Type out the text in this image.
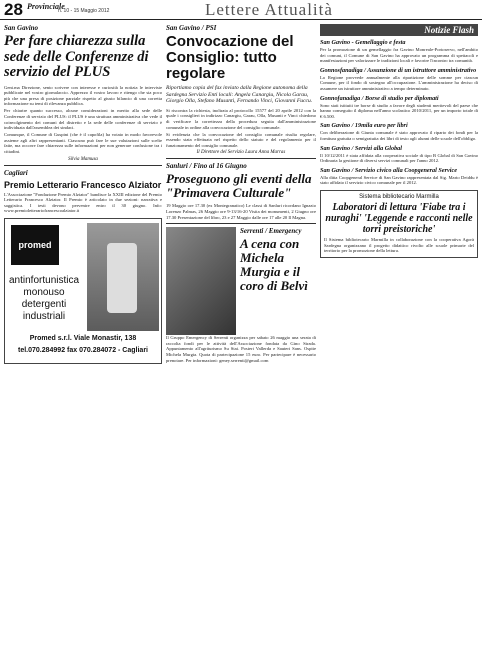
28 Provinciale
n. 10 - 15 Maggio 2012	Lettere Attualità
San Gavino
Per fare chiarezza sulla sede delle Conferenze di servizio del PLUS

Gent.ma Direzione, sento scrivere con interesse e curiosità la notizia le interviste pubblicate nel vostro giornalaccio. Apprezzo il vostro lavoro e ritengo che sia poco più che una presa di posizione parziale rispetto al giusto bilancio di una corretta informazione su temi di rilevanza pubblica.

Per chiarire quanto successo, alcune considerazioni in merito alla sede delle Conferenze di servizio del PLUS: il PLUS è una struttura amministrativa che vede il coinvolgimento dei comuni del distretto e la sede delle conferenze di servizio è individuata dall'assemblea dei sindaci.

Comunque, il Comune di Guspini (che è il capofila) ha votato in modo favorevole assieme agli altri rappresentanti. Ciascuno può fare le sue valutazioni sulle scelte fatte, ma occorre fare chiarezza sulle informazioni per non generare confusione tra i cittadini.

Silvia Mamusa
Cagliari
Premio Letterario Francesco Alziator
L'Associazione "Fondazione Premio Alziator" bandisce la XXIII edizione del Premio Letterario Francesco Alziator. Il Premio è articolato in due sezioni: narrativa e saggistica. I testi devono pervenire entro il 30 giugno. Info: www.premioletterariofrancescoalziator.it
promed
antinfortunistica monouso detergenti industriali
Promed s.r.l. Viale Monastir, 138
tel.070.284992 fax 070.284072 - Cagliari
San Gavino / PSI
Convocazione del Consiglio: tutto regolare
Riportiamo copia del fax inviato dalla Regione autonoma della Sardegna Servizio Enti locali: Angela Canargiu, Nicola Garau, Giorgio Olla, Stefano Musanti, Fernando Vinci, Giovanni Fuccu.

Si riscontra la richiesta, inoltrata al protocollo 15577 del 20 aprile 2012 con la quale i consiglieri in indirizzo Canargiu, Garau, Olla, Musanti e Vinci chiedono di verificare la correttezza della procedura seguita dall'amministrazione comunale in ordine alla convocazione del consiglio comunale.

Si evidenzia che la convocazione del consiglio comunale risulta regolare, essendo stata effettuata nel rispetto dello statuto e del regolamento per il funzionamento del consiglio comunale.

Il Direttore del Servizio Laura Anna Marras
Sanluri / Fino al 16 Giugno
Proseguono gli eventi della "Primavera Culturale"
19 Maggio ore 17.30 (ex Montegranatico) Le classi di Sanluri ricordano Ignazio Lorenzo Palmas, 26 Maggio ore 9-13/16-20 Visita dei monumenti, 2 Giugno ore 17.30 Presentazione del libro, 23 e 27 Maggio dalle ore 17 alle 20 Il Magna.
Serrenti / Emergency
A cena con Michela Murgia e il coro di Belvì
Il Gruppo Emergency di Serrenti organizza per sabato 26 maggio una serata di raccolta fondi per le attività dell'Associazione fondata da Gino Strada. Appuntamento all'agriturismo Su Stai. Posteri Vallerda e Sauteri Sans. Ospite Michela Murgia. Quota di partecipazione 15 euro. Per partecipare è necessario prenotare. Per informazioni: geney.serrenti@gmail.com
Notizie Flash
San Gavino - Gemellaggio e festa
Per la promozione di un gemellaggio fra Gavino Monreale-Portoservo, nell'ambito dei comuni, il Comune di San Gavino ha approvato un programma di spettacoli e manifestazioni per valorizzare le tradizioni locali e favorire l'incontro tra comunità.
Gonnosfanadiga / Assunzione di un istruttore amministrativo
La Regione provvede annualmente alla ripartizione delle somme per ciascun Comune, per il fondo di sostegno all'occupazione. L'amministrazione ha deciso di assumere un istruttore amministrativo a tempo determinato.
Gonnofanadiga / Borse di studio per diplomati
Sono stati istituiti tre borse di studio a favore degli studenti meritevoli del paese che hanno conseguito il diploma nell'anno scolastico 2010/2011, per un importo totale di € 6.500.
San Gavino / 19mila euro per libri
Con deliberazione di Giunta comunale è stato approvato il riparto dei fondi per la fornitura gratuita o semigratuita dei libri di testo agli alunni delle scuole dell'obbligo.
San Gavino / Servizi alla Global
Il 10/12/2011 è stata affidata alla cooperativa sociale di tipo B Global di San Gavino Ordinaria la gestione di diversi servizi comunali per l'anno 2012.
San Gavino / Servizio civico alla Coopgeneral Service
Alla ditta Coopgeneral Service di San Gavino rappresentata dal Sig. Mario Deiddu è stato affidato il servizio civico comunale per il 2012.
Sistema bibliotecario Marmilla
Laboratori di lettura 'Fiabe tra i nuraghi' 'Leggende e racconti nelle torri preistoriche'
Il Sistema bibliotecario Marmilla in collaborazione con la cooperativa Agorà Sardegna organizzano il progetto didattico rivolto alle scuole primarie del territorio per la promozione della lettura.
